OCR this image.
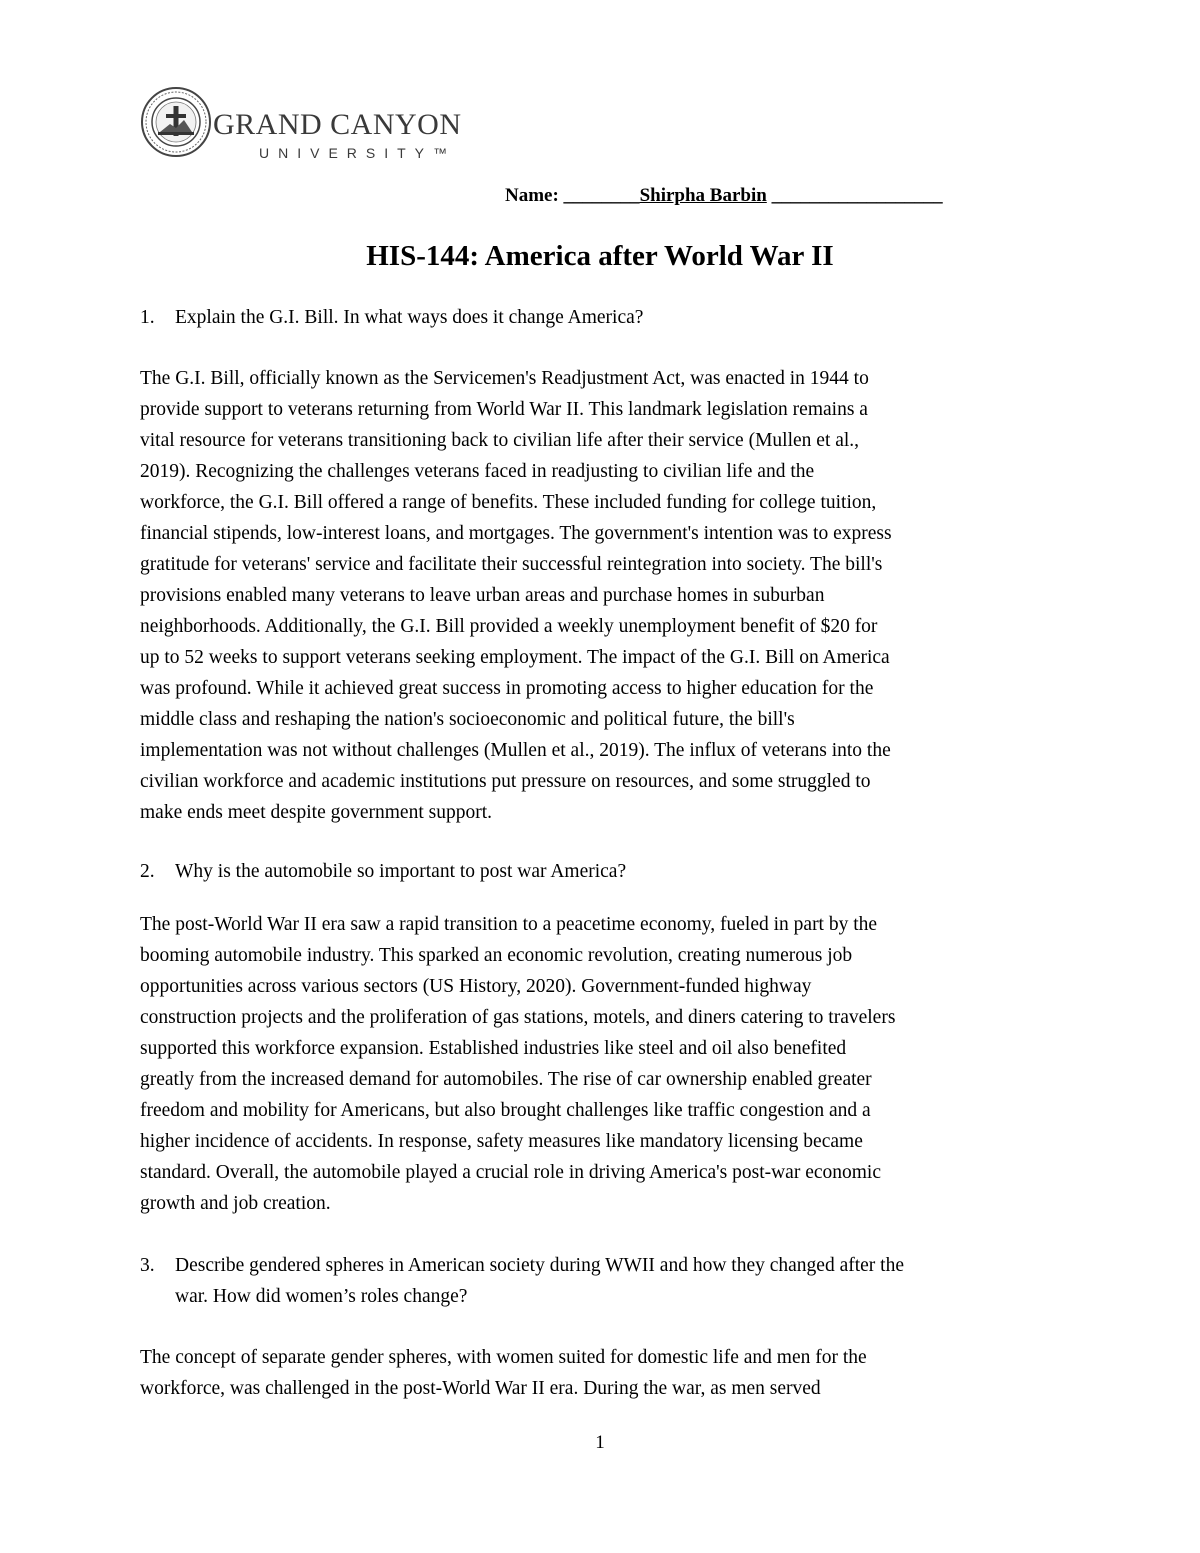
GRAND CANYON
UNIVERSITY™
Name: ________Shirpha Barbin __________________
HIS-144: America after World War II
1. Explain the G.I. Bill. In what ways does it change America?
The G.I. Bill, officially known as the Servicemen's Readjustment Act, was enacted in 1944 to
provide support to veterans returning from World War II. This landmark legislation remains a
vital resource for veterans transitioning back to civilian life after their service (Mullen et al.,
2019). Recognizing the challenges veterans faced in readjusting to civilian life and the
workforce, the G.I. Bill offered a range of benefits. These included funding for college tuition,
financial stipends, low-interest loans, and mortgages. The government's intention was to express
gratitude for veterans' service and facilitate their successful reintegration into society. The bill's
provisions enabled many veterans to leave urban areas and purchase homes in suburban
neighborhoods. Additionally, the G.I. Bill provided a weekly unemployment benefit of $20 for
up to 52 weeks to support veterans seeking employment. The impact of the G.I. Bill on America
was profound. While it achieved great success in promoting access to higher education for the
middle class and reshaping the nation's socioeconomic and political future, the bill's
implementation was not without challenges (Mullen et al., 2019). The influx of veterans into the
civilian workforce and academic institutions put pressure on resources, and some struggled to
make ends meet despite government support.
2. Why is the automobile so important to post war America?
The post-World War II era saw a rapid transition to a peacetime economy, fueled in part by the
booming automobile industry. This sparked an economic revolution, creating numerous job
opportunities across various sectors (US History, 2020). Government-funded highway
construction projects and the proliferation of gas stations, motels, and diners catering to travelers
supported this workforce expansion. Established industries like steel and oil also benefited
greatly from the increased demand for automobiles. The rise of car ownership enabled greater
freedom and mobility for Americans, but also brought challenges like traffic congestion and a
higher incidence of accidents. In response, safety measures like mandatory licensing became
standard. Overall, the automobile played a crucial role in driving America's post-war economic
growth and job creation.
3. Describe gendered spheres in American society during WWII and how they changed after the
war. How did women’s roles change?
The concept of separate gender spheres, with women suited for domestic life and men for the
workforce, was challenged in the post-World War II era. During the war, as men served
1
